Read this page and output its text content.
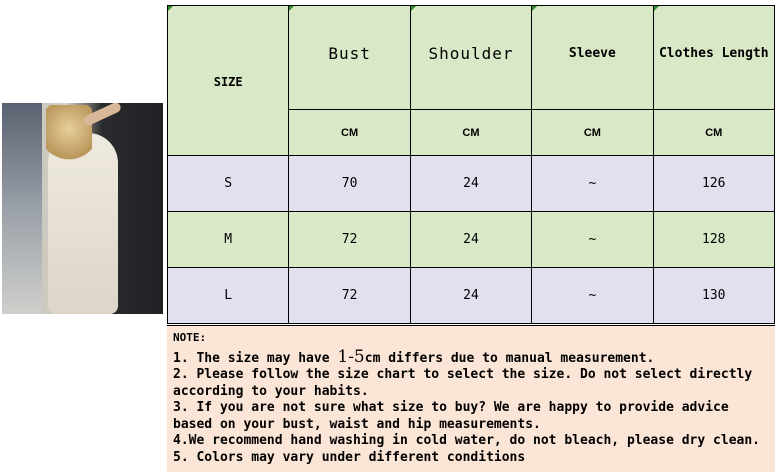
SIZE	Bust	Shoulder	Sleeve	Clothes Length

	CM	CM	CM	CM
S	70	24	~	126
M	72	24	~	128
L	72	24	~	130
NOTE:
1. The size may have 1-5cm differs due to manual measurement.
2. Please follow the size chart to select the size. Do not select directly according to your habits.
3. If you are not sure what size to buy? We are happy to provide advice based on your bust, waist and hip measurements.
4.We recommend hand washing in cold water, do not bleach, please dry clean.
5. Colors may vary under different conditions
